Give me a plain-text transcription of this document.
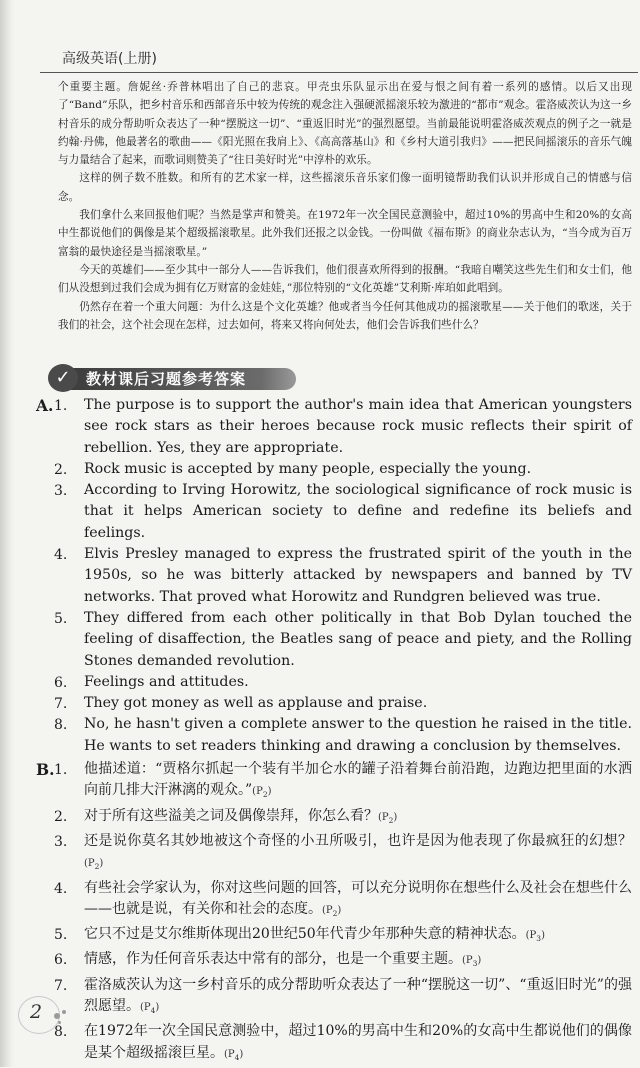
高级英语(上册)

个重要主题。詹妮丝·乔普林唱出了自己的悲哀。甲壳虫乐队显示出在爱与恨之间有着一系列的感情。以后又出现了“Band”乐队，把乡村音乐和西部音乐中较为传统的观念注入强硬派摇滚乐较为激进的“都市”观念。霍洛威茨认为这一乡村音乐的成分帮助听众表达了一种“摆脱这一切”、“重返旧时光”的强烈愿望。当前最能说明霍洛威茨观点的例子之一就是约翰·丹佛，他最著名的歌曲——《阳光照在我肩上》、《高高落基山》和《乡村大道引我归》——把民间摇滚乐的音乐气魄与力量结合了起来，而歌词则赞美了“往日美好时光”中淳朴的欢乐。

这样的例子数不胜数。和所有的艺术家一样，这些摇滚乐音乐家们像一面明镜帮助我们认识并形成自己的情感与信念。

我们拿什么来回报他们呢？当然是掌声和赞美。在1972年一次全国民意测验中，超过10%的男高中生和20%的女高中生都说他们的偶像是某个超级摇滚歌星。此外我们还报之以金钱。一份叫做《福布斯》的商业杂志认为，“当今成为百万富翁的最快途径是当摇滚歌星。”

今天的英雄们——至少其中一部分人——告诉我们，他们很喜欢所得到的报酬。“我暗自嘲笑这些先生们和女士们，他们从没想到过我们会成为拥有亿万财富的金娃娃，”那位特别的“文化英雄”艾利斯·库珀如此唱到。

仍然存在着一个重大问题：为什么这是个文化英雄？他或者当今任何其他成功的摇滚歌星——关于他们的歌迷，关于我们的社会，这个社会现在怎样，过去如何，将来又将向何处去，他们会告诉我们些什么？

✓	教材课后习题参考答案
A. 1. The purpose is to support the author's main idea that American youngsters see rock stars as their heroes because rock music reflects their spirit of rebellion. Yes, they are appropriate.
2. Rock music is accepted by many people, especially the young.
3. According to Irving Horowitz, the sociological significance of rock music is that it helps American society to define and redefine its beliefs and feelings.
4. Elvis Presley managed to express the frustrated spirit of the youth in the 1950s, so he was bitterly attacked by newspapers and banned by TV networks. That proved what Horowitz and Rundgren believed was true.
5. They differed from each other politically in that Bob Dylan touched the feeling of disaffection, the Beatles sang of peace and piety, and the Rolling Stones demanded revolution.
6. Feelings and attitudes.
7. They got money as well as applause and praise.
8. No, he hasn't given a complete answer to the question he raised in the title. He wants to set readers thinking and drawing a conclusion by themselves.
B. 1. 他描述道：“贾格尔抓起一个装有半加仑水的罐子沿着舞台前沿跑，边跑边把里面的水洒向前几排大汗淋漓的观众。$”(P_2)$
2. 对于所有这些溢美之词及偶像崇拜，你怎么看？$(P_2)$
3. 还是说你莫名其妙地被这个奇怪的小丑所吸引，也许是因为他表现了你最疯狂的幻想？$(P_2)$
4. 有些社会学家认为，你对这些问题的回答，可以充分说明你在想些什么及社会在想些什么——也就是说，有关你和社会的态度。$(P_2)$
5. 它只不过是艾尔维斯体现出20世纪50年代青少年那种失意的精神状态。$(P_3)$
6. 情感，作为任何音乐表达中常有的部分，也是一个重要主题。$(P_3)$
7. 霍洛威茨认为这一乡村音乐的成分帮助听众表达了一种“摆脱这一切”、“重返旧时光”的强烈愿望。$(P_4)$
8. 在1972年一次全国民意测验中，超过10%的男高中生和20%的女高中生都说他们的偶像是某个超级摇滚巨星。$(P_4)$
2
